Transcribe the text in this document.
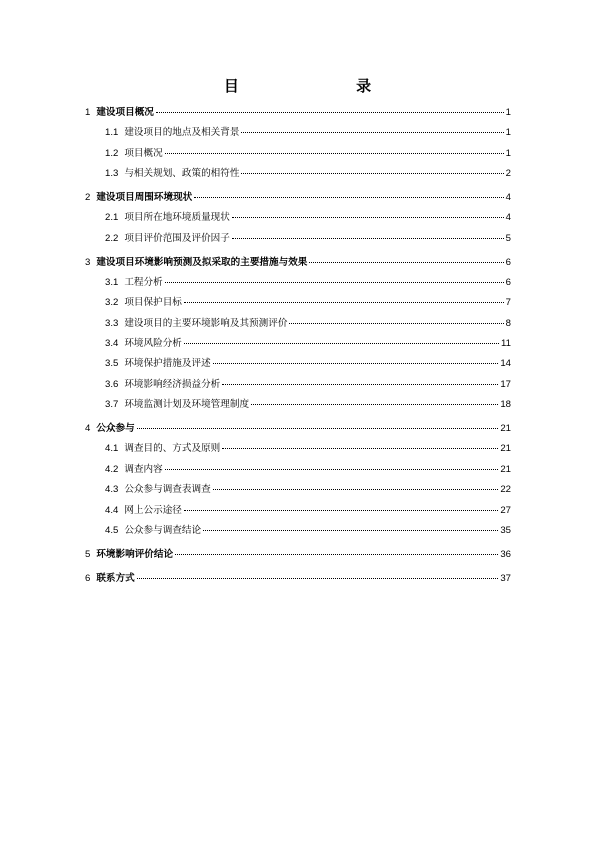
目 录
1 建设项目概况	1
1.1 建设项目的地点及相关背景	1
1.2 项目概况	1
1.3 与相关规划、政策的相符性	2
2 建设项目周围环境现状	4
2.1 项目所在地环境质量现状	4
2.2 项目评价范围及评价因子	5
3 建设项目环境影响预测及拟采取的主要措施与效果	6
3.1 工程分析	6
3.2 项目保护目标	7
3.3 建设项目的主要环境影响及其预测评价	8
3.4 环境风险分析	11
3.5 环境保护措施及评述	14
3.6 环境影响经济损益分析	17
3.7 环境监测计划及环境管理制度	18
4 公众参与	21
4.1 调查目的、方式及原则	21
4.2 调查内容	21
4.3 公众参与调查表调查	22
4.4 网上公示途径	27
4.5 公众参与调查结论	35
5 环境影响评价结论	36
6 联系方式	37
